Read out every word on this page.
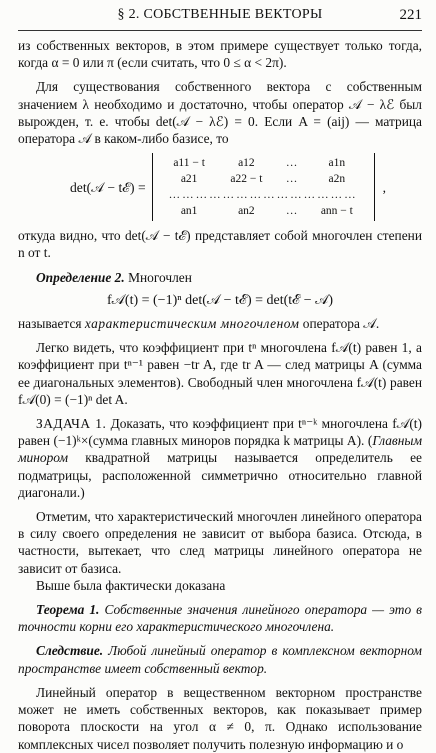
§ 2. СОБСТВЕННЫЕ ВЕКТОРЫ	221

из собственных векторов, в этом примере существует только тогда, когда α = 0 или π (если считать, что 0 ≤ α < 2π).

Для существования собственного вектора с собственным значением λ необходимо и достаточно, чтобы оператор 𝒜 − λℰ был вырожден, т. е. чтобы det(𝒜 − λℰ) = 0. Если A = (aij) — матрица оператора 𝒜 в каком-либо базисе, то

det(𝒜 − tℰ) =
a11 − t	a12	…	a1n
a21	a22 − t	…	a2n
……………………………………			
an1	an2	…	ann − t
,

откуда видно, что det(𝒜 − tℰ) представляет собой многочлен степени n от t.

Определение 2. Многочлен

f𝒜(t) = (−1)ⁿ det(𝒜 − tℰ) = det(tℰ − 𝒜)

называется характеристическим многочленом оператора 𝒜.

Легко видеть, что коэффициент при tⁿ многочлена f𝒜(t) равен 1, а коэффициент при tⁿ⁻¹ равен −tr A, где tr A — след матрицы A (сумма ее диагональных элементов). Свободный член многочлена f𝒜(t) равен f𝒜(0) = (−1)ⁿ det A.

ЗАДАЧА 1. Доказать, что коэффициент при tⁿ⁻ᵏ многочлена f𝒜(t) равен (−1)ᵏ×(сумма главных миноров порядка k матрицы A). (Главным минором квадратной матрицы называется определитель ее подматрицы, расположенной симметрично относительно главной диагонали.)

Отметим, что характеристический многочлен линейного оператора в силу своего определения не зависит от выбора базиса. Отсюда, в частности, вытекает, что след матрицы линейного оператора не зависит от базиса.

Выше была фактически доказана

Теорема 1. Собственные значения линейного оператора — это в точности корни его характеристического многочлена.

Следствие. Любой линейный оператор в комплексном векторном пространстве имеет собственный вектор.

Линейный оператор в вещественном векторном пространстве может не иметь собственных векторов, как показывает пример поворота плоскости на угол α ≠ 0, π. Однако использование комплексных чисел позволяет получить полезную информацию и о
